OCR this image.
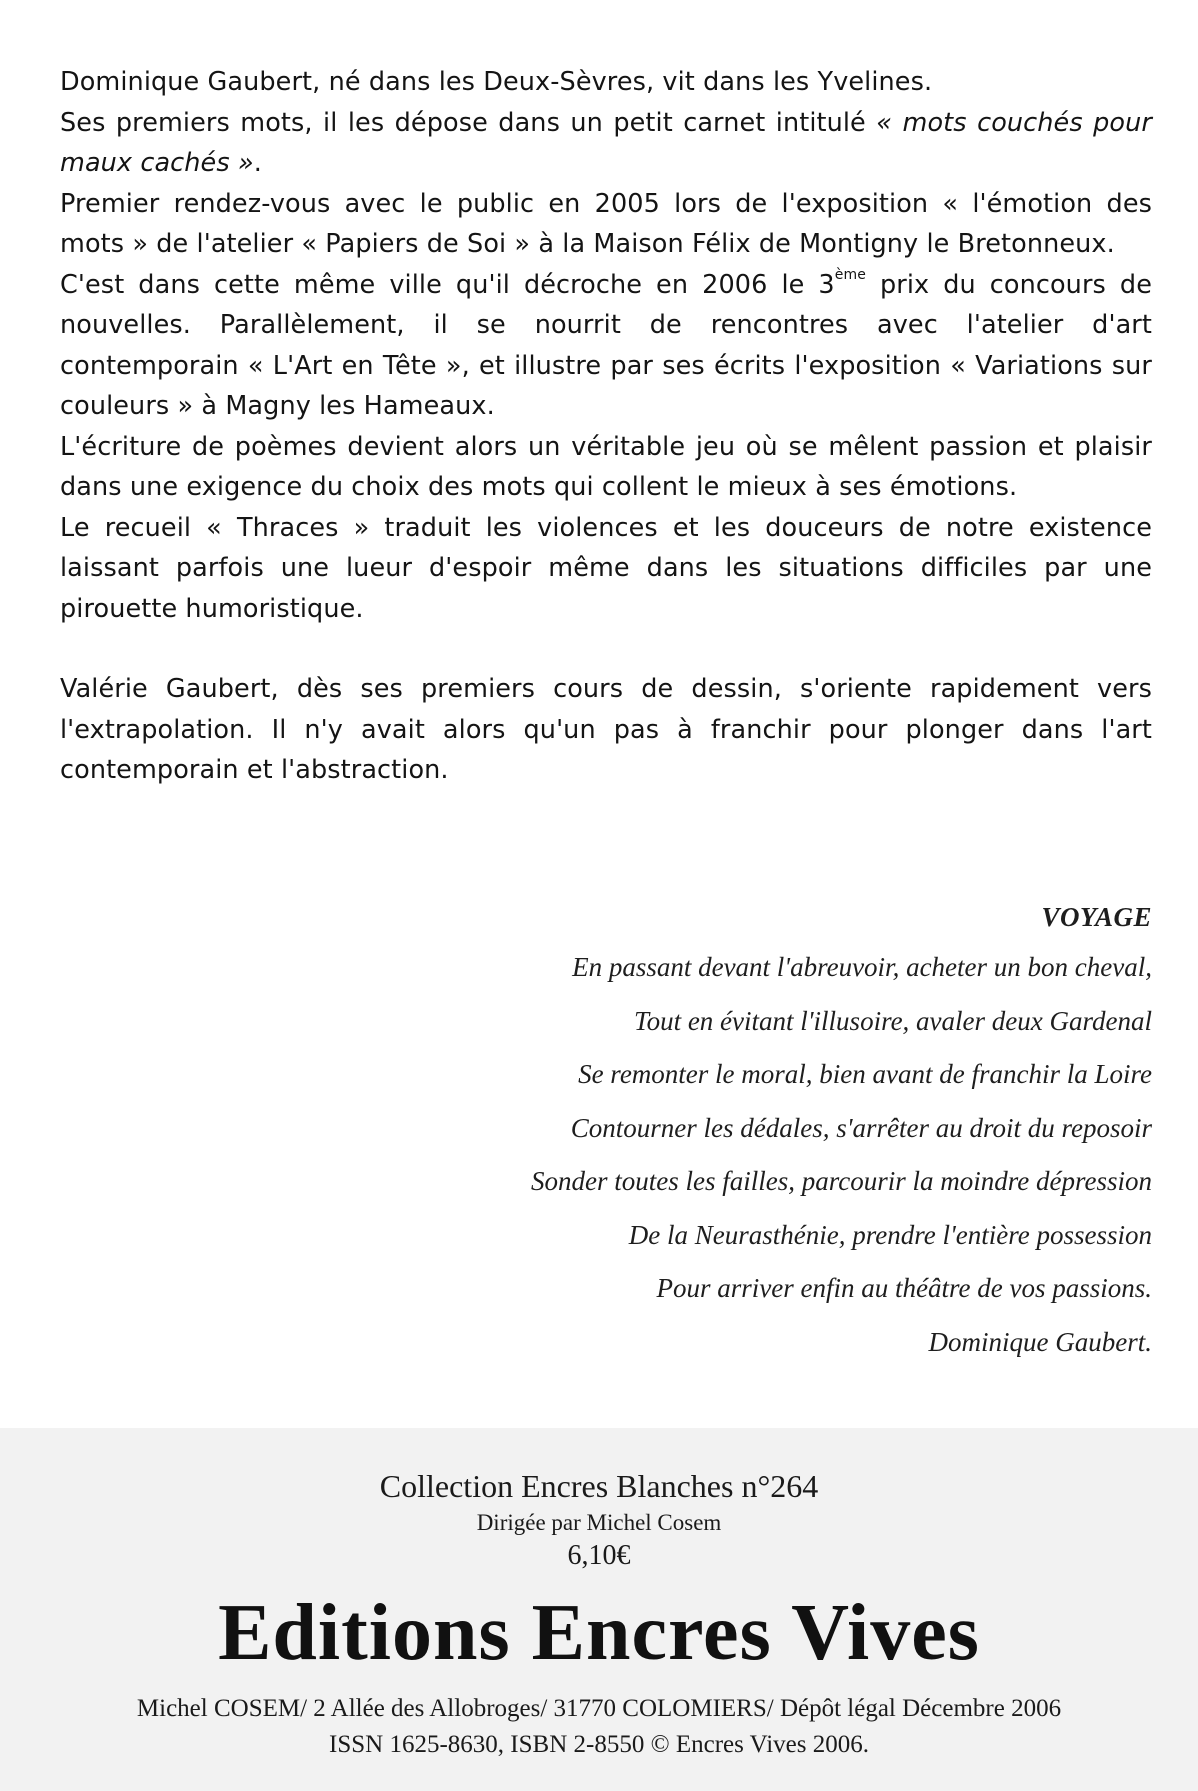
Dominique Gaubert, né dans les Deux-Sèvres, vit dans les Yvelines.

Ses premiers mots, il les dépose dans un petit carnet intitulé « mots couchés pour maux cachés ».

Premier rendez-vous avec le public en 2005 lors de l'exposition « l'émotion des mots » de l'atelier « Papiers de Soi » à la Maison Félix de Montigny le Bretonneux.

C'est dans cette même ville qu'il décroche en 2006 le 3ème prix du concours de nouvelles. Parallèlement, il se nourrit de rencontres avec l'atelier d'art contemporain « L'Art en Tête », et illustre par ses écrits l'exposition « Variations sur couleurs » à Magny les Hameaux.

L'écriture de poèmes devient alors un véritable jeu où se mêlent passion et plaisir dans une exigence du choix des mots qui collent le mieux à ses émotions.

Le recueil « Thraces » traduit les violences et les douceurs de notre existence laissant parfois une lueur d'espoir même dans les situations difficiles par une pirouette humoristique.

Valérie Gaubert, dès ses premiers cours de dessin, s'oriente rapidement vers l'extrapolation. Il n'y avait alors qu'un pas à franchir pour plonger dans l'art contemporain et l'abstraction.

VOYAGE
En passant devant l'abreuvoir, acheter un bon cheval,
Tout en évitant l'illusoire, avaler deux Gardenal
Se remonter le moral, bien avant de franchir la Loire
Contourner les dédales, s'arrêter au droit du reposoir
Sonder toutes les failles, parcourir la moindre dépression
De la Neurasthénie, prendre l'entière possession
Pour arriver enfin au théâtre de vos passions.
Dominique Gaubert.
Collection Encres Blanches n°264
Dirigée par Michel Cosem
6,10€
Editions Encres Vives
Michel COSEM/ 2 Allée des Allobroges/ 31770 COLOMIERS/ Dépôt légal Décembre 2006
ISSN 1625-8630, ISBN 2-8550 © Encres Vives 2006.
